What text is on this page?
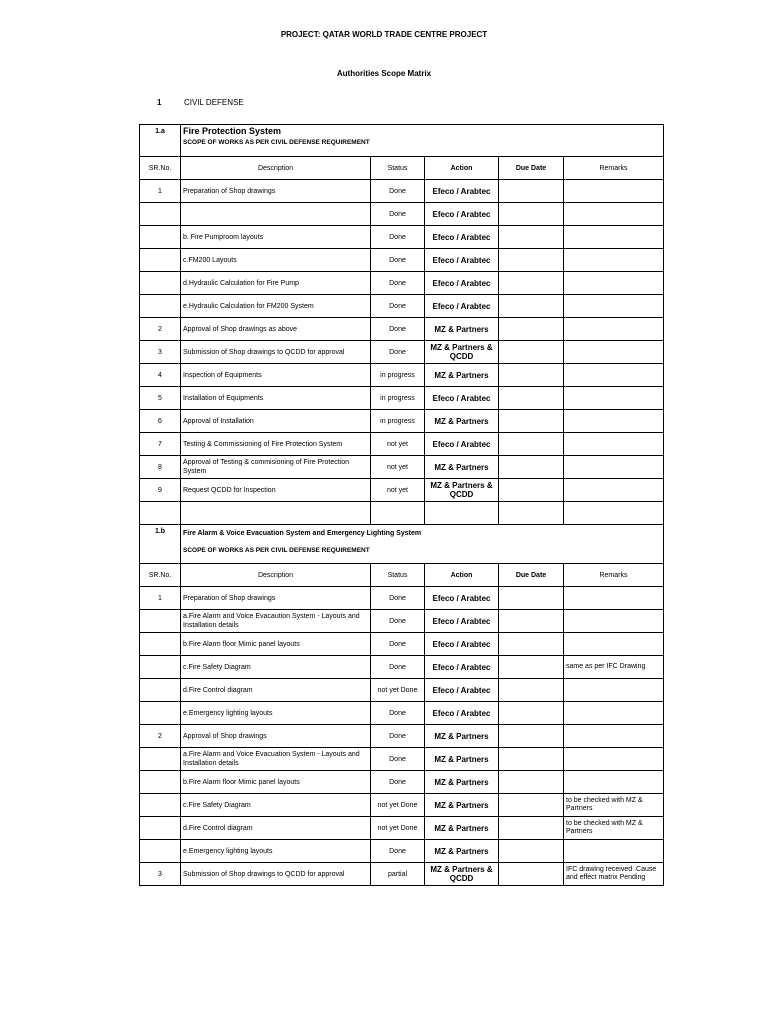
PROJECT: QATAR WORLD TRADE CENTRE PROJECT
Authorities Scope Matrix
1	CIVIL DEFENSE
1.a	Fire Protection System
SCOPE OF WORKS AS PER CIVIL DEFENSE REQUIREMENT				

SR.No.	Description	Status	Action	Due Date	Remarks
1	Preparation of Shop drawings	Done	Efeco / Arabtec		
		Done	Efeco / Arabtec		
	b. Fire Pumproom layouts	Done	Efeco / Arabtec		
	c.FM200 Layouts	Done	Efeco / Arabtec		
	d.Hydraulic Calculation for Fire Pump	Done	Efeco / Arabtec		
	e.Hydraulic Calculation for FM200 System	Done	Efeco / Arabtec		
2	Approval of Shop drawings as above	Done	MZ & Partners		
3	Submission of Shop drawings to QCDD for approval	Done	MZ & Partners & QCDD		
4	Inspection of Equipments	in progress	MZ & Partners		
5	Installation of Equipments	in progress	Efeco / Arabtec		
6	Approval of Installation	in progress	MZ & Partners		
7	Testing & Commissioning of Fire Protection System	not yet	Efeco / Arabtec		
8	Approval of Testing & commisioning of Fire Protection System	not yet	MZ & Partners		
9	Request QCDD for Inspection	not yet	MZ & Partners & QCDD		

1.b	Fire Alarm & Voice Evacuation System and Emergency Lighting System
SCOPE OF WORKS AS PER CIVIL DEFENSE REQUIREMENT				

SR.No.	Description	Status	Action	Due Date	Remarks
1	Preparation of Shop drawings	Done	Efeco / Arabtec		
	a.Fire Alarm and Voice Evacaution System - Layouts and Installation details	Done	Efeco / Arabtec		
	b.Fire Alarm floor Mimic panel layouts	Done	Efeco / Arabtec		
	c.Fire Safety Diagram	Done	Efeco / Arabtec		same as per IFC Drawing
	d.Fire Control diagram	not yet Done	Efeco / Arabtec		
	e.Emergency lighting layouts	Done	Efeco / Arabtec		
2	Approval of Shop drawings	Done	MZ & Partners		
	a.Fire Alarm and Voice Evacuation System - Layouts and Installation details	Done	MZ & Partners		
	b.Fire Alarm floor Mimic panel layouts	Done	MZ & Partners		
	c.Fire Safety Diagram	not yet Done	MZ & Partners		to be checked with MZ & Partners
	d.Fire Control diagram	not yet Done	MZ & Partners		to be checked with MZ & Partners
	e.Emergency lighting layouts	Done	MZ & Partners		
3	Submission of Shop drawings to QCDD for approval	partial	MZ & Partners & QCDD		IFC drawing received .Cause and effect matrix Pending
